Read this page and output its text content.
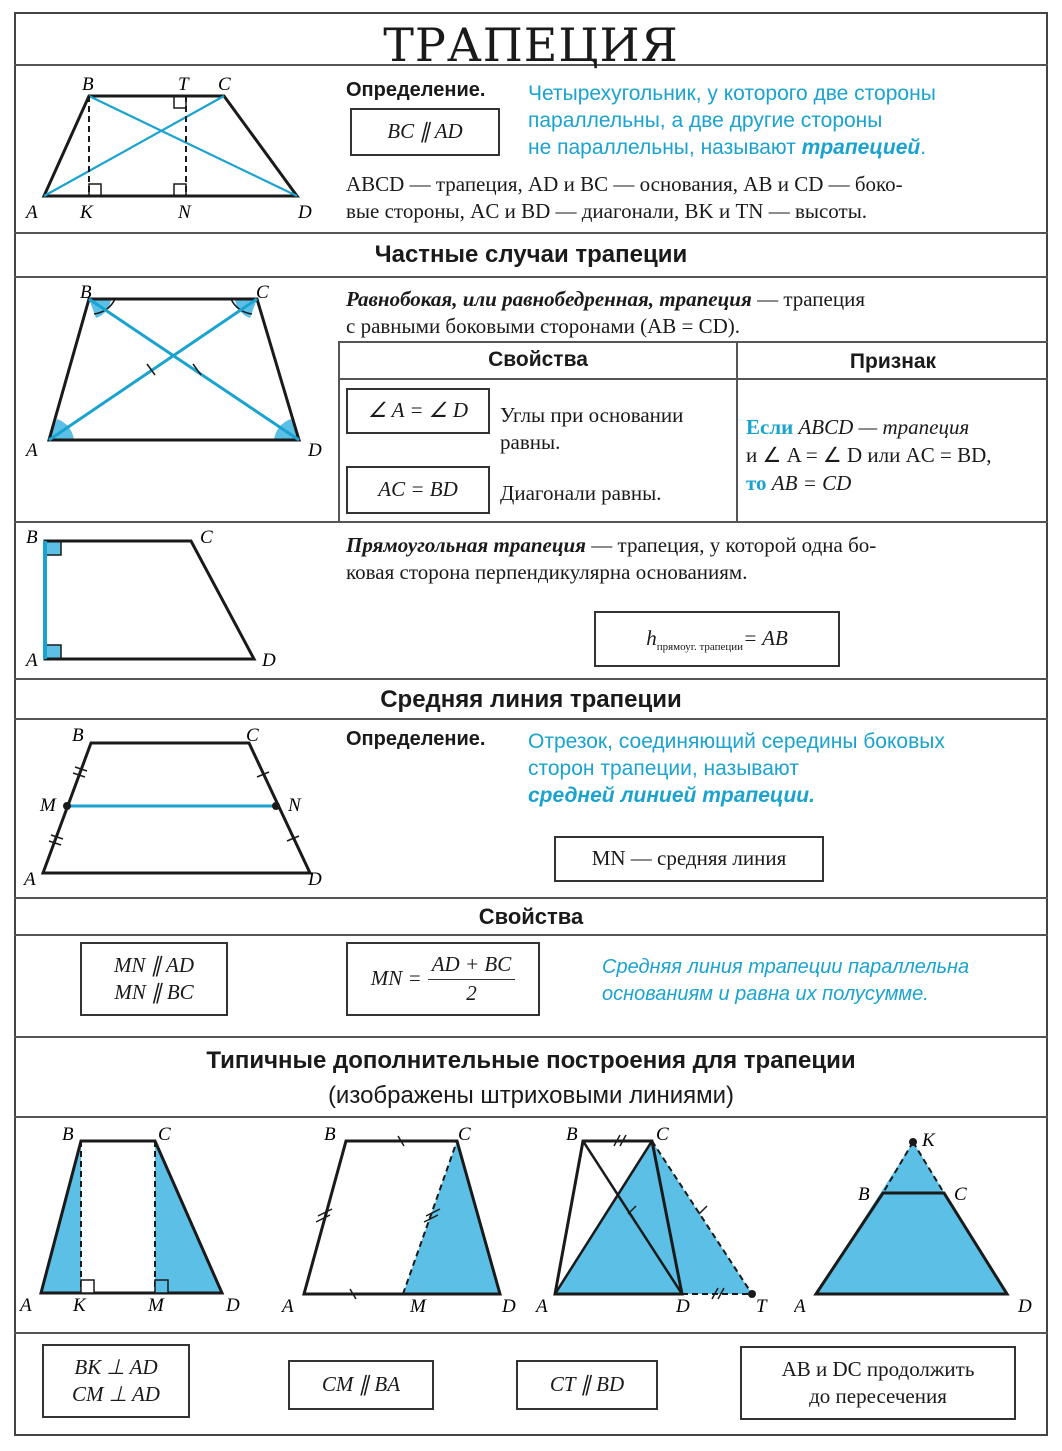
ТРАПЕЦИЯ
A
B	C
D
T
K	N
Определение.
BC ∥ AD
Четырехугольник, у которого две стороны
параллельны, а две другие стороны
не параллельны, называют трапецией.
ABCD — трапеция, AD и BC — основания, AB и CD — боко-
вые стороны, AC и BD — диагонали, BK и TN — высоты.
Частные случаи трапеции
A
B	C
D
Равнобокая, или равнобедренная, трапеция — трапеция
с равными боковыми сторонами (AB = CD).
Свойства	Признак
∠ A = ∠ D	Углы при основании
равны.
AC = BD	Диагонали равны.
Если ABCD — трапеция
и ∠ A = ∠ D или AC = BD,
то AB = CD
B	C
A	D
Прямоугольная трапеция — трапеция, у которой одна бо-
ковая сторона перпендикулярна основаниям.
h прямоуг. трапеции = AB
Средняя линия трапеции
B	C
M	N
A	D
Определение. Отрезок, соединяющий середины боковых
сторон трапеции, называют
средней линией трапеции.
MN — средняя линия
Свойства
MN ∥ AD
MN ∥ BC
MN = $\frac{AD + BC}{2}$	Средняя линия трапеции параллельна
основаниям и равна их полусумме.
Типичные дополнительные построения для трапеции
(изображены штриховыми линиями)
B	C
A K	M	D
B	C
A	M	D
B	C
A	D	T
K
B	C
A	D
BK ⊥ AD
CM ⊥ AD	CM ∥ BA	CT ∥ BD
AB и DC продолжить
до пересечения
